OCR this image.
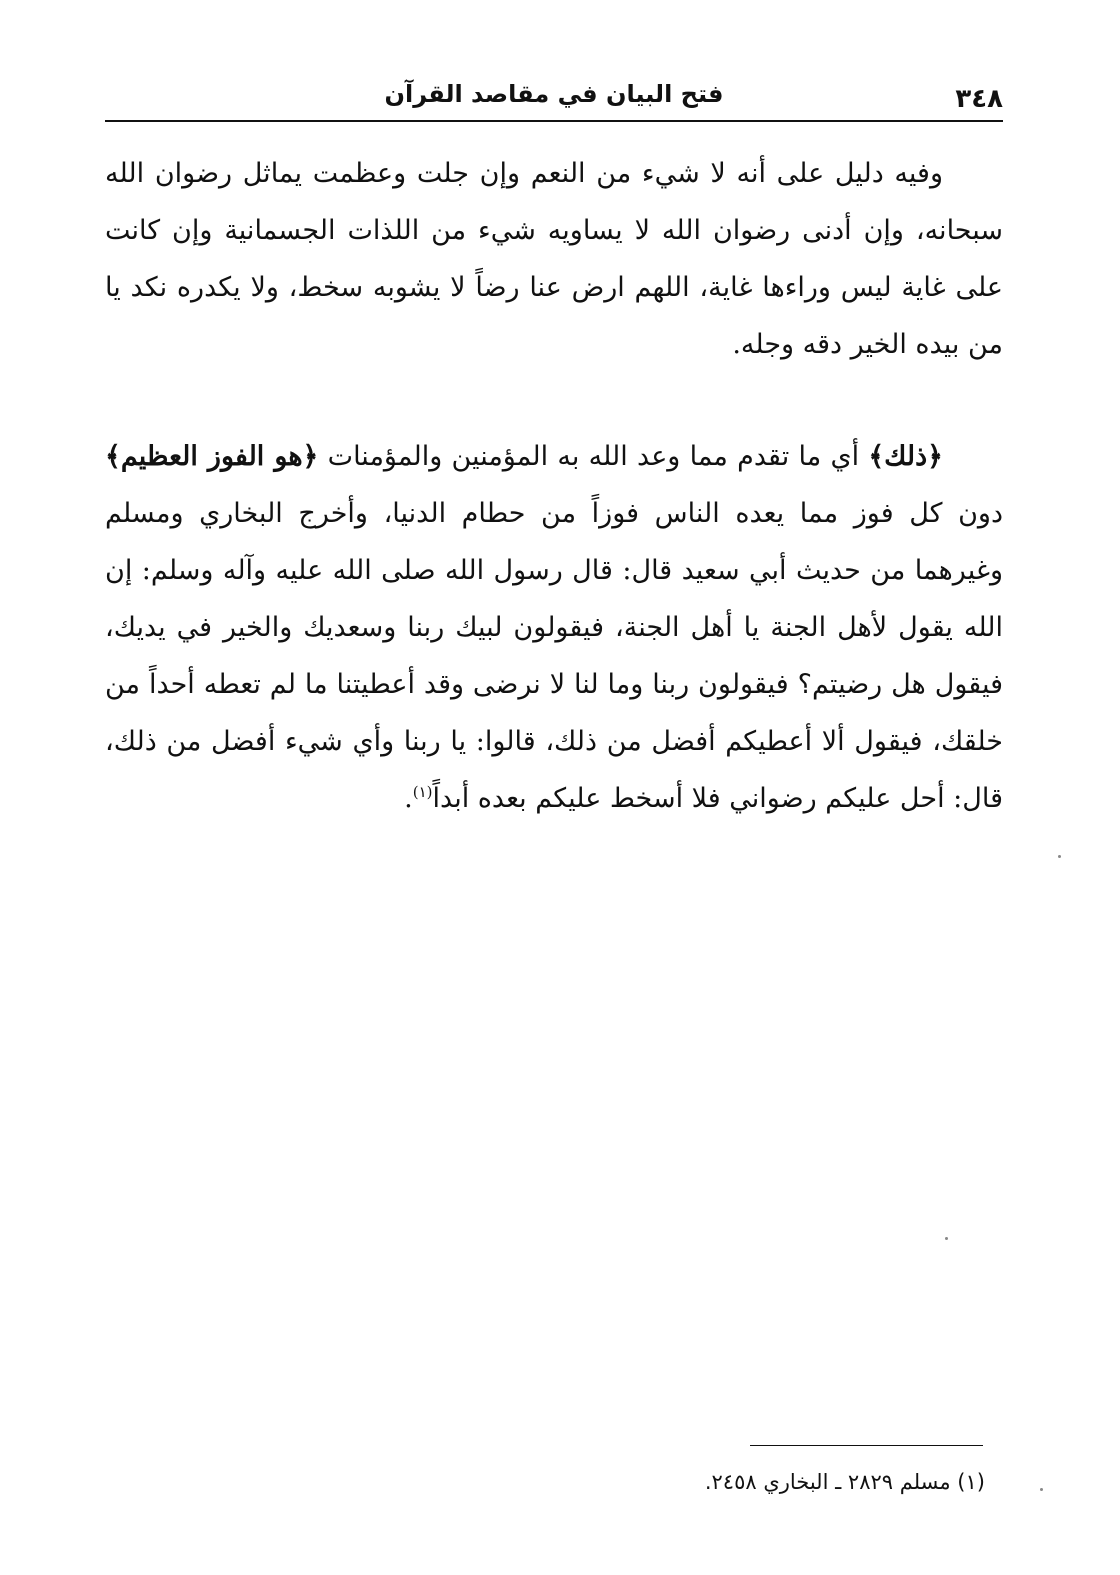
٣٤٨
فتح البيان في مقاصد القرآن

وفيه دليل على أنه لا شيء من النعم وإن جلت وعظمت يماثل رضوان الله سبحانه، وإن أدنى رضوان الله لا يساويه شيء من اللذات الجسمانية وإن كانت على غاية ليس وراءها غاية، اللهم ارض عنا رضاً لا يشوبه سخط، ولا يكدره نكد يا من بيده الخير دقه وجله.

﴿ذلك﴾ أي ما تقدم مما وعد الله به المؤمنين والمؤمنات ﴿هو الفوز العظيم﴾ دون كل فوز مما يعده الناس فوزاً من حطام الدنيا، وأخرج البخاري ومسلم وغيرهما من حديث أبي سعيد قال: قال رسول الله صلى الله عليه وآله وسلم: إن الله يقول لأهل الجنة يا أهل الجنة، فيقولون لبيك ربنا وسعديك والخير في يديك، فيقول هل رضيتم؟ فيقولون ربنا وما لنا لا نرضى وقد أعطيتنا ما لم تعطه أحداً من خلقك، فيقول ألا أعطيكم أفضل من ذلك، قالوا: يا ربنا وأي شيء أفضل من ذلك، قال: أحل عليكم رضواني فلا أسخط عليكم بعده أبداً$^{(١)}$.

(١) مسلم ٢٨٢٩ ـ البخاري ٢٤٥٨.
